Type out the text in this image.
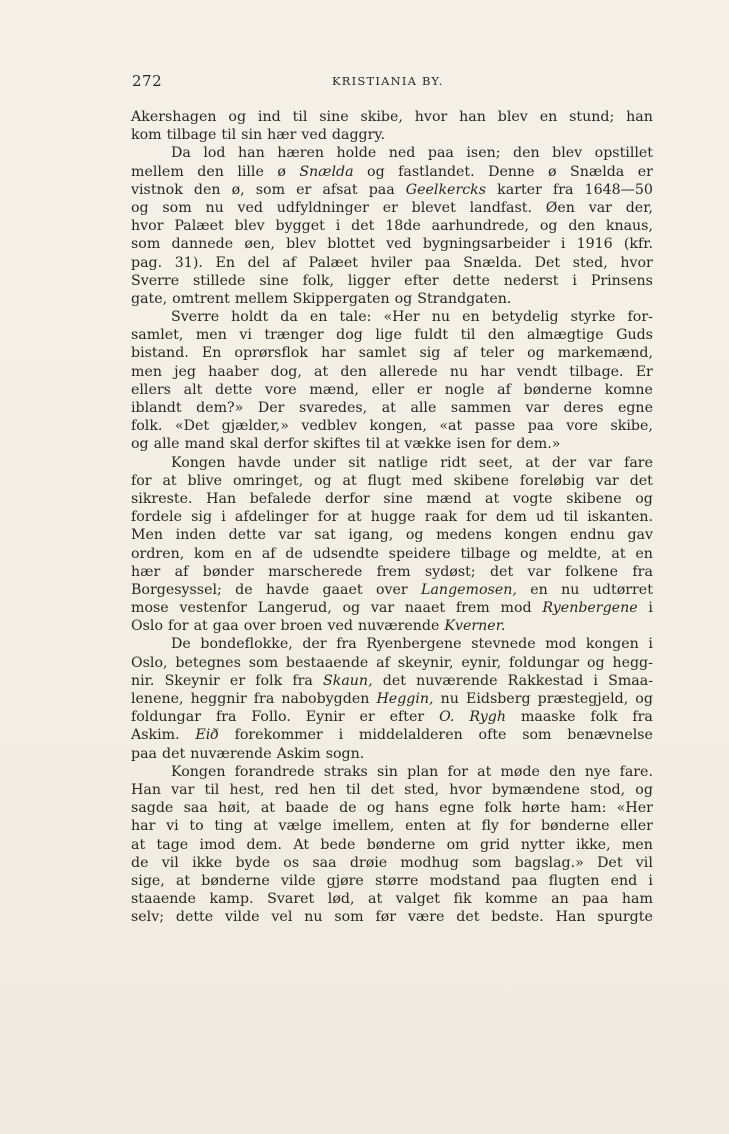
272	KRISTIANIA BY.
Akershagen og ind til sine skibe, hvor han blev en stund; han
kom tilbage til sin hær ved daggry.
Da lod han hæren holde ned paa isen; den blev opstillet
mellem den lille ø Snælda og fastlandet. Denne ø Snælda er
vistnok den ø, som er afsat paa Geelkercks karter fra 1648—50
og som nu ved udfyldninger er blevet landfast. Øen var der,
hvor Palæet blev bygget i det 18de aarhundrede, og den knaus,
som dannede øen, blev blottet ved bygningsarbeider i 1916 (kfr.
pag. 31). En del af Palæet hviler paa Snælda. Det sted, hvor
Sverre stillede sine folk, ligger efter dette nederst i Prinsens
gate, omtrent mellem Skippergaten og Strandgaten.
Sverre holdt da en tale: «Her nu en betydelig styrke for-
samlet, men vi trænger dog lige fuldt til den almægtige Guds
bistand. En oprørsflok har samlet sig af teler og markemænd,
men jeg haaber dog, at den allerede nu har vendt tilbage. Er
ellers alt dette vore mænd, eller er nogle af bønderne komne
iblandt dem?» Der svaredes, at alle sammen var deres egne
folk. «Det gjælder,» vedblev kongen, «at passe paa vore skibe,
og alle mand skal derfor skiftes til at vække isen for dem.»
Kongen havde under sit natlige ridt seet, at der var fare
for at blive omringet, og at flugt med skibene foreløbig var det
sikreste. Han befalede derfor sine mænd at vogte skibene og
fordele sig i afdelinger for at hugge raak for dem ud til iskanten.
Men inden dette var sat igang, og medens kongen endnu gav
ordren, kom en af de udsendte speidere tilbage og meldte, at en
hær af bønder marscherede frem sydøst; det var folkene fra
Borgesyssel; de havde gaaet over Langemosen, en nu udtørret
mose vestenfor Langerud, og var naaet frem mod Ryenbergene i
Oslo for at gaa over broen ved nuværende Kverner.
De bondeflokke, der fra Ryenbergene stevnede mod kongen i
Oslo, betegnes som bestaaende af skeynir, eynir, foldungar og hegg-
nir. Skeynir er folk fra Skaun, det nuværende Rakkestad i Smaa-
lenene, heggnir fra nabobygden Heggin, nu Eidsberg præstegjeld, og
foldungar fra Follo. Eynir er efter O. Rygh maaske folk fra
Askim. Eið forekommer i middelalderen ofte som benævnelse
paa det nuværende Askim sogn.
Kongen forandrede straks sin plan for at møde den nye fare.
Han var til hest, red hen til det sted, hvor bymændene stod, og
sagde saa høit, at baade de og hans egne folk hørte ham: «Her
har vi to ting at vælge imellem, enten at fly for bønderne eller
at tage imod dem. At bede bønderne om grid nytter ikke, men
de vil ikke byde os saa drøie modhug som bagslag.» Det vil
sige, at bønderne vilde gjøre større modstand paa flugten end i
staaende kamp. Svaret lød, at valget fik komme an paa ham
selv; dette vilde vel nu som før være det bedste. Han spurgte
